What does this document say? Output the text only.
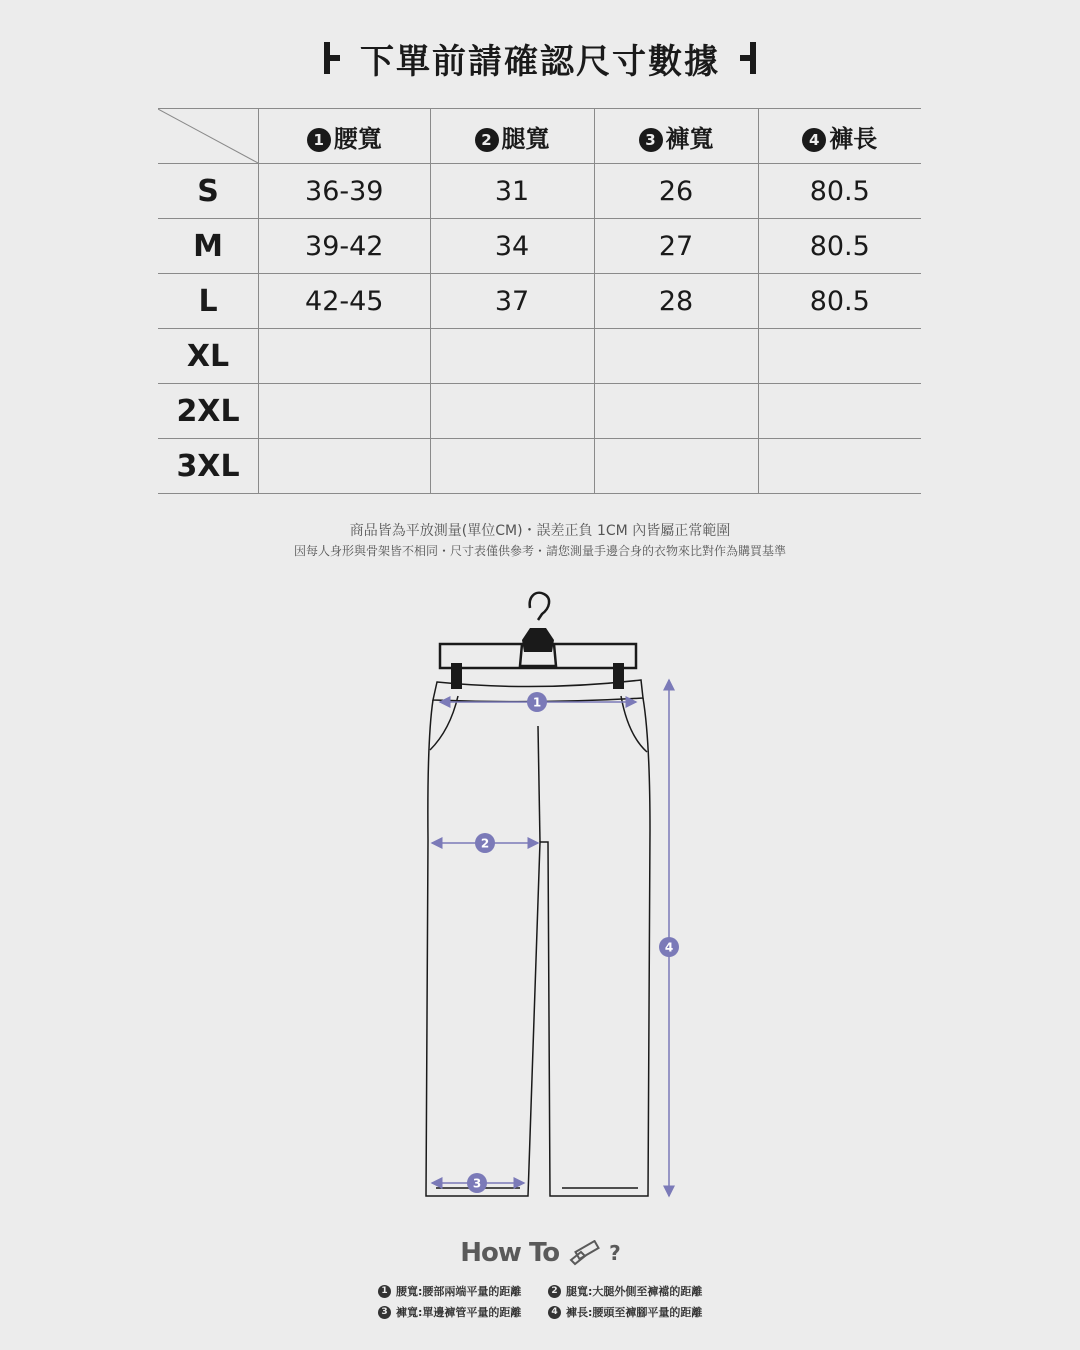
下單前請確認尺寸數據
	1 腰寬	2 腿寬	3 褲寬	4 褲長
S	36-39	31	26	80.5
M	39-42	34	27	80.5
L	42-45	37	28	80.5
XL				
2XL				
3XL				
商品皆為平放測量(單位CM)・誤差正負 1CM 內皆屬正常範圍
因每人身形與骨架皆不相同・尺寸表僅供參考・請您測量手邊合身的衣物來比對作為購買基準
1
2
3
4
How To	?
1 腰寬:腰部兩端平量的距離	2 腿寬:大腿外側至褲襠的距離
3 褲寬:單邊褲管平量的距離	4 褲長:腰頭至褲腳平量的距離
